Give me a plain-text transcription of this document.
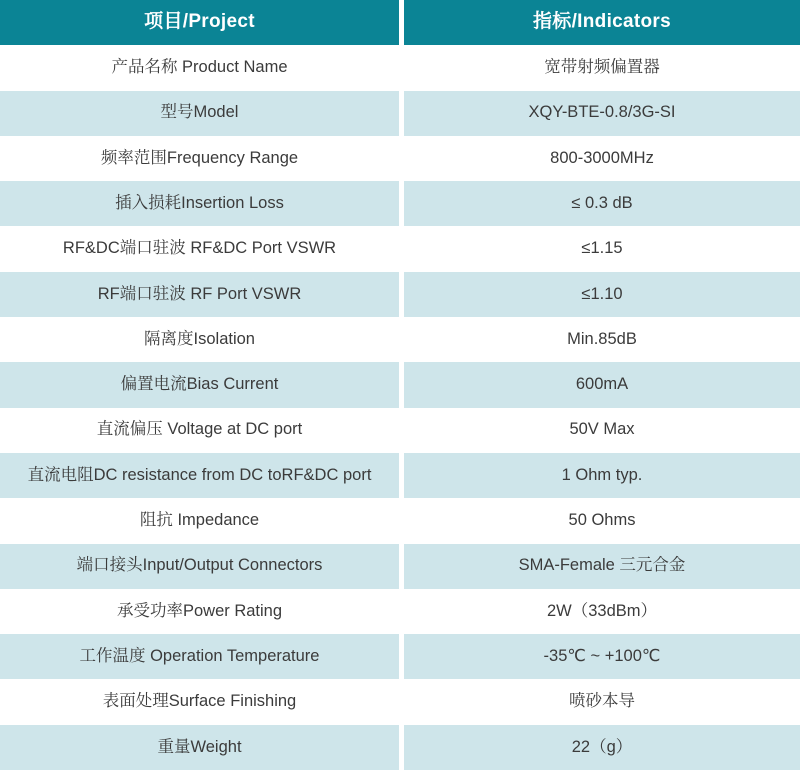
项目/Project	指标/Indicators
产品名称 Product Name	宽带射频偏置器
型号Model	XQY-BTE-0.8/3G-SI
频率范围Frequency Range	800-3000MHz
插入损耗Insertion Loss	≤ 0.3 dB
RF&DC端口驻波 RF&DC Port VSWR	≤1.15
RF端口驻波 RF Port VSWR	≤1.10
隔离度Isolation	Min.85dB
偏置电流Bias Current	600mA
直流偏压 Voltage at DC port	50V Max
直流电阻DC resistance from DC toRF&DC port	1 Ohm typ.
阻抗 Impedance	50 Ohms
端口接头Input/Output Connectors	SMA-Female 三元合金
承受功率Power Rating	2W（33dBm）
工作温度 Operation Temperature	-35℃ ~ +100℃
表面处理Surface Finishing	喷砂本导
重量Weight	22（g）
